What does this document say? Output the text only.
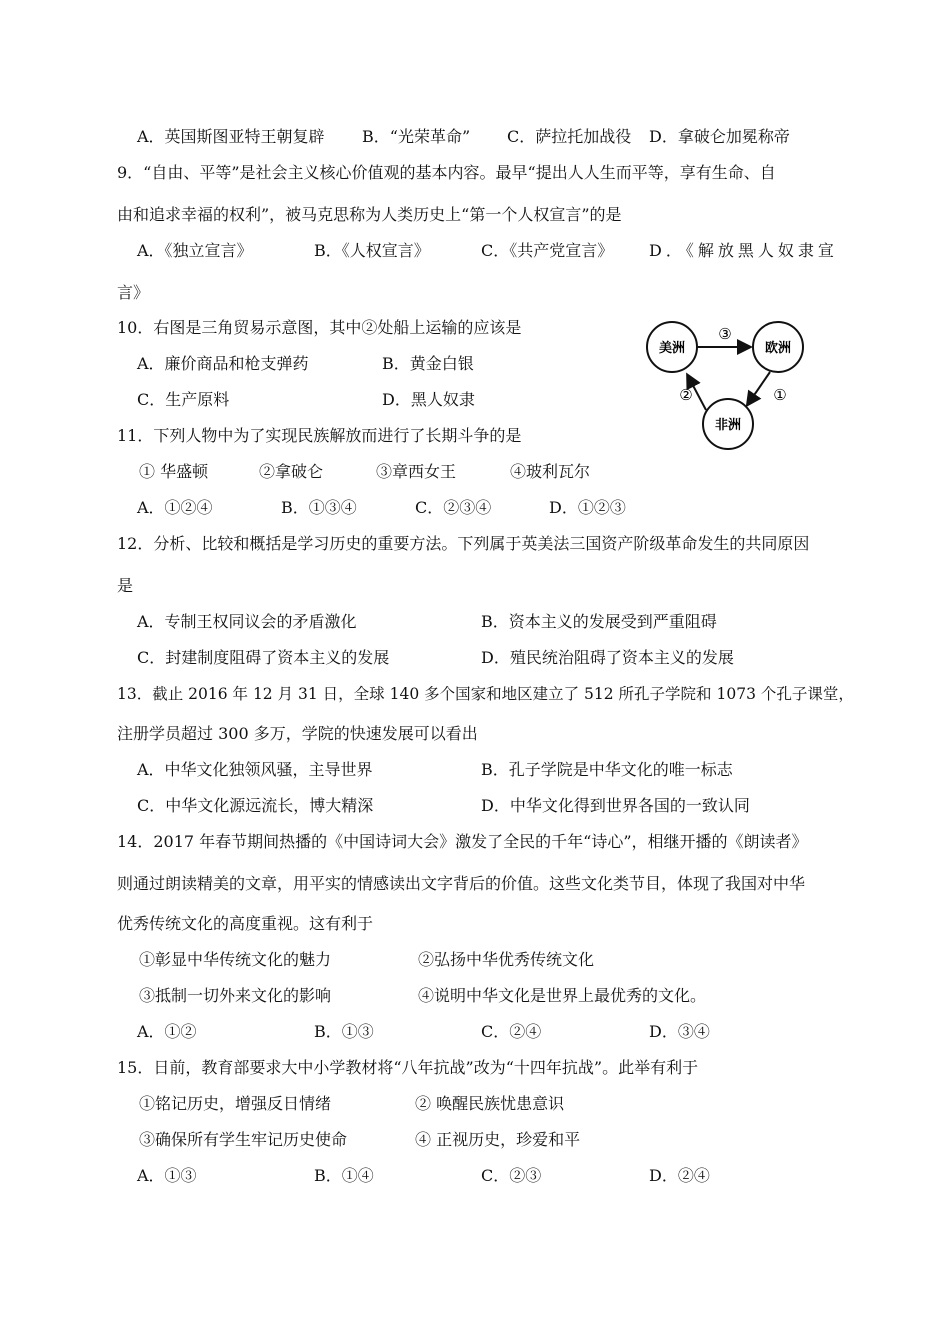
A．英国斯图亚特王朝复辟 B．“光荣革命” C．萨拉托加战役 D．拿破仑加冕称帝
9．“自由、平等”是社会主义核心价值观的基本内容。最早“提出人人生而平等，享有生命、自
由和追求幸福的权利”，被马克思称为人类历史上“第一个人权宣言”的是
A．《独立宣言》	B．《人权宣言》	C．《共产党宣言》 D．《解放黑人奴隶宣
言》
10．右图是三角贸易示意图，其中②处船上运输的应该是
A．廉价商品和枪支弹药	B．黄金白银
C．生产原料	D．黑人奴隶
美洲	欧洲
非洲
③
①
②
11．下列人物中为了实现民族解放而进行了长期斗争的是
① 华盛顿	②拿破仑	③章西女王	④玻利瓦尔
A．①②④	B．①③④	C．②③④	D．①②③
12．分析、比较和概括是学习历史的重要方法。下列属于英美法三国资产阶级革命发生的共同原因
是
A．专制王权同议会的矛盾激化	B．资本主义的发展受到严重阻碍
C．封建制度阻碍了资本主义的发展	D．殖民统治阻碍了资本主义的发展
13．截止 2016 年 12 月 31 日，全球 140 多个国家和地区建立了 512 所孔子学院和 1073 个孔子课堂，
注册学员超过 300 多万，学院的快速发展可以看出
A．中华文化独领风骚，主导世界	B．孔子学院是中华文化的唯一标志
C．中华文化源远流长，博大精深	D．中华文化得到世界各国的一致认同
14．2017 年春节期间热播的《中国诗词大会》激发了全民的千年“诗心”，相继开播的《朗读者》
则通过朗读精美的文章，用平实的情感读出文字背后的价值。这些文化类节目，体现了我国对中华
优秀传统文化的高度重视。这有利于
①彰显中华传统文化的魅力	②弘扬中华优秀传统文化
③抵制一切外来文化的影响	④说明中华文化是世界上最优秀的文化。
A．①②	B．①③	C．②④	D．③④
15．日前，教育部要求大中小学教材将“八年抗战”改为“十四年抗战”。此举有利于
①铭记历史，增强反日情绪	② 唤醒民族忧患意识
③确保所有学生牢记历史使命	④ 正视历史，珍爱和平
A．①③	B．①④	C．②③	D．②④
